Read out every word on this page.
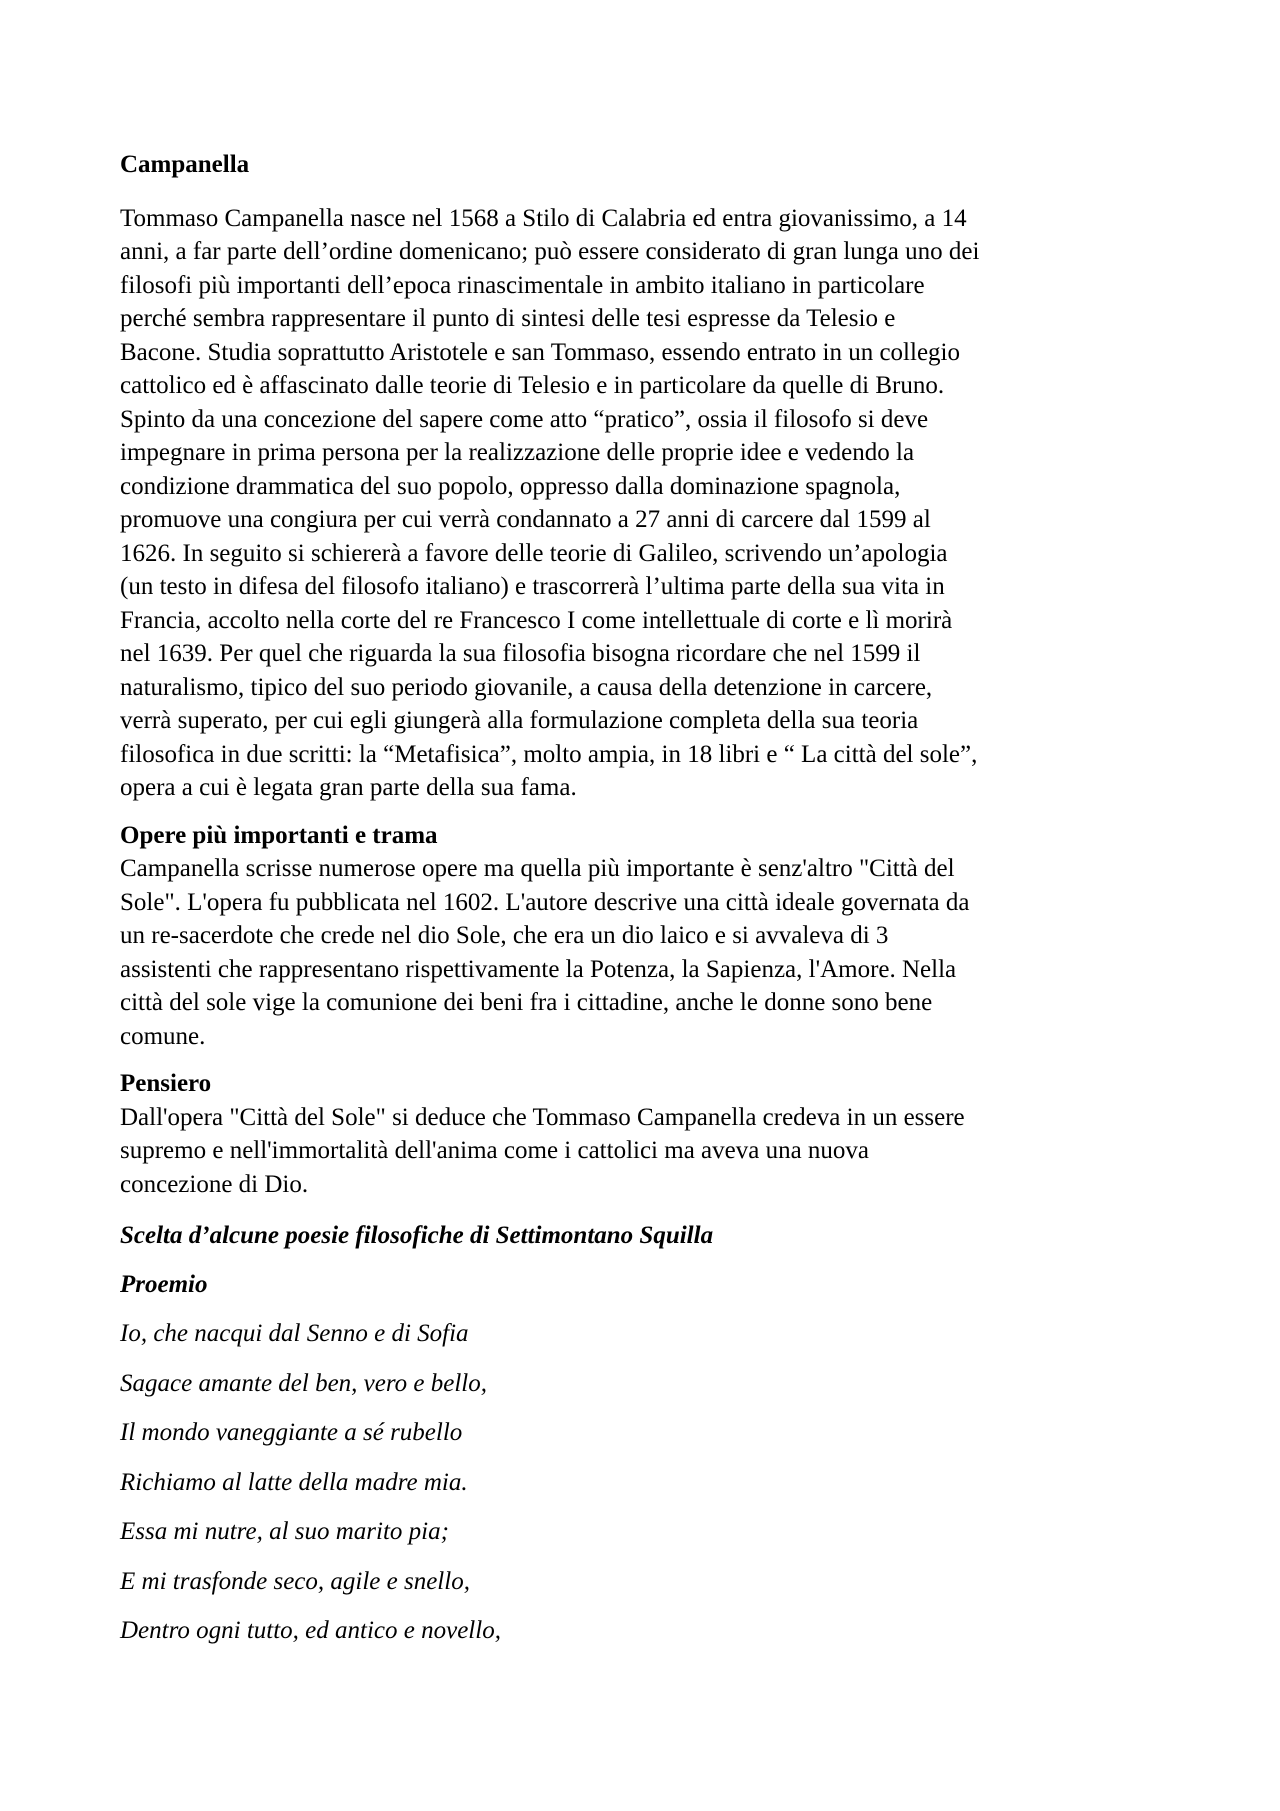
Campanella
Tommaso Campanella nasce nel 1568 a Stilo di Calabria ed entra giovanissimo, a 14
anni, a far parte dell’ordine domenicano; può essere considerato di gran lunga uno dei
filosofi più importanti dell’epoca rinascimentale in ambito italiano in particolare
perché sembra rappresentare il punto di sintesi delle tesi espresse da Telesio e
Bacone. Studia soprattutto Aristotele e san Tommaso, essendo entrato in un collegio
cattolico ed è affascinato dalle teorie di Telesio e in particolare da quelle di Bruno.
Spinto da una concezione del sapere come atto “pratico”, ossia il filosofo si deve
impegnare in prima persona per la realizzazione delle proprie idee e vedendo la
condizione drammatica del suo popolo, oppresso dalla dominazione spagnola,
promuove una congiura per cui verrà condannato a 27 anni di carcere dal 1599 al
1626. In seguito si schiererà a favore delle teorie di Galileo, scrivendo un’apologia
(un testo in difesa del filosofo italiano) e trascorrerà l’ultima parte della sua vita in
Francia, accolto nella corte del re Francesco I come intellettuale di corte e lì morirà
nel 1639. Per quel che riguarda la sua filosofia bisogna ricordare che nel 1599 il
naturalismo, tipico del suo periodo giovanile, a causa della detenzione in carcere,
verrà superato, per cui egli giungerà alla formulazione completa della sua teoria
filosofica in due scritti: la “Metafisica”, molto ampia, in 18 libri e “ La città del sole”,
opera a cui è legata gran parte della sua fama.
Opere più importanti e trama
Campanella scrisse numerose opere ma quella più importante è senz'altro "Città del
Sole". L'opera fu pubblicata nel 1602. L'autore descrive una città ideale governata da
un re-sacerdote che crede nel dio Sole, che era un dio laico e si avvaleva di 3
assistenti che rappresentano rispettivamente la Potenza, la Sapienza, l'Amore. Nella
città del sole vige la comunione dei beni fra i cittadine, anche le donne sono bene
comune.
Pensiero
Dall'opera "Città del Sole" si deduce che Tommaso Campanella credeva in un essere
supremo e nell'immortalità dell'anima come i cattolici ma aveva una nuova
concezione di Dio.
Scelta d’alcune poesie filosofiche di Settimontano Squilla
Proemio
Io, che nacqui dal Senno e di Sofia
Sagace amante del ben, vero e bello,
Il mondo vaneggiante a sé rubello
Richiamo al latte della madre mia.
Essa mi nutre, al suo marito pia;
E mi trasfonde seco, agile e snello,
Dentro ogni tutto, ed antico e novello,
